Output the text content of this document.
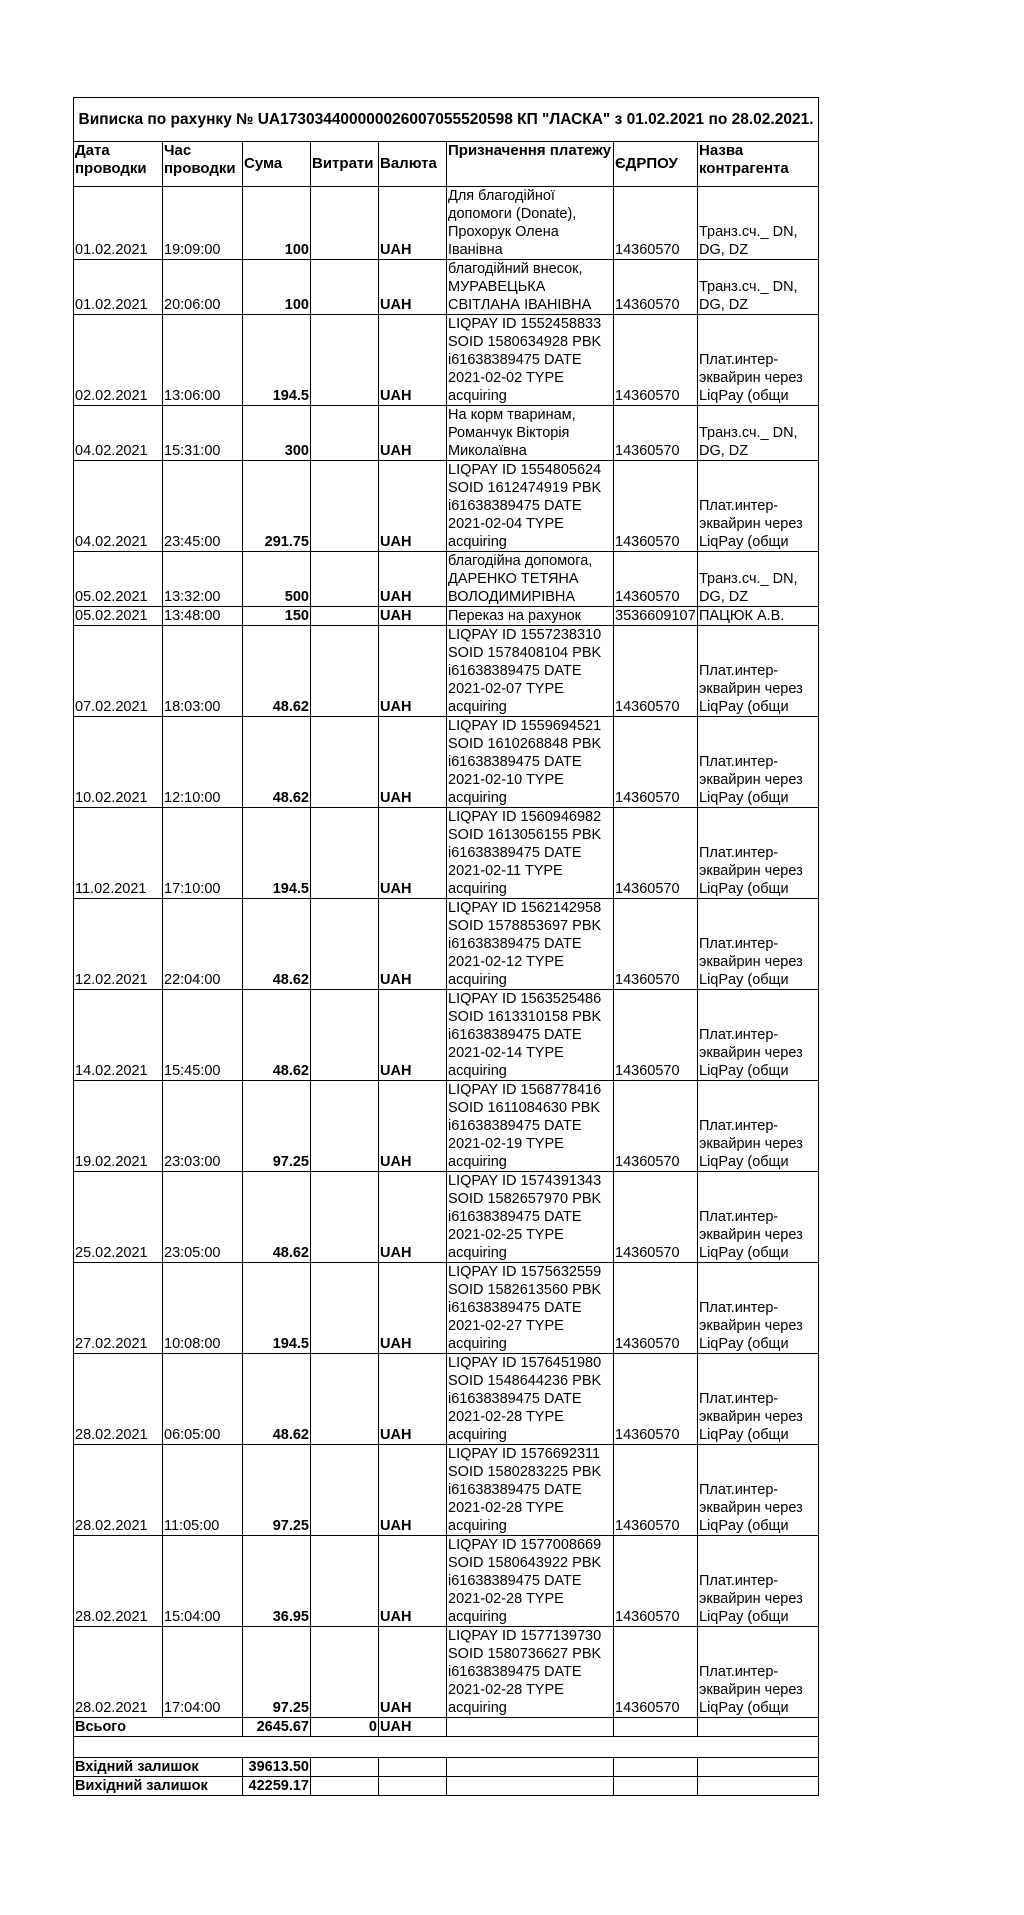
Виписка по рахунку № UA173034400000026007055520598 КП "ЛАСКА" з 01.02.2021 по 28.02.2021.							
Дата проводки	Час проводки	Сума	Витрати	Валюта	Призначення платежу	ЄДРПОУ	Назва контрагента
01.02.2021	19:09:00	100		UAH	Для благодійної
допомоги (Donate),
Прохорук Олена
Іванівна	14360570	Транз.сч._ DN,
DG, DZ
01.02.2021	20:06:00	100		UAH	благодійний внесок,
МУРАВЕЦЬКА
СВІТЛАНА ІВАНІВНА	14360570	Транз.сч._ DN,
DG, DZ
02.02.2021	13:06:00	194.5		UAH	LIQPAY ID 1552458833
SOID 1580634928 PBK
i61638389475 DATE
2021-02-02 TYPE
acquiring	14360570	Плат.интер-
эквайрин через
LiqPay (общи
04.02.2021	15:31:00	300		UAH	На корм тваринам,
Романчук Вікторія
Миколаївна	14360570	Транз.сч._ DN,
DG, DZ
04.02.2021	23:45:00	291.75		UAH	LIQPAY ID 1554805624
SOID 1612474919 PBK
i61638389475 DATE
2021-02-04 TYPE
acquiring	14360570	Плат.интер-
эквайрин через
LiqPay (общи
05.02.2021	13:32:00	500		UAH	благодійна допомога,
ДАРЕНКО ТЕТЯНА
ВОЛОДИМИРІВНА	14360570	Транз.сч._ DN,
DG, DZ
05.02.2021	13:48:00	150		UAH	Переказ на рахунок	3536609107	ПАЦЮК А.В.
07.02.2021	18:03:00	48.62		UAH	LIQPAY ID 1557238310
SOID 1578408104 PBK
i61638389475 DATE
2021-02-07 TYPE
acquiring	14360570	Плат.интер-
эквайрин через
LiqPay (общи
10.02.2021	12:10:00	48.62		UAH	LIQPAY ID 1559694521
SOID 1610268848 PBK
i61638389475 DATE
2021-02-10 TYPE
acquiring	14360570	Плат.интер-
эквайрин через
LiqPay (общи
11.02.2021	17:10:00	194.5		UAH	LIQPAY ID 1560946982
SOID 1613056155 PBK
i61638389475 DATE
2021-02-11 TYPE
acquiring	14360570	Плат.интер-
эквайрин через
LiqPay (общи
12.02.2021	22:04:00	48.62		UAH	LIQPAY ID 1562142958
SOID 1578853697 PBK
i61638389475 DATE
2021-02-12 TYPE
acquiring	14360570	Плат.интер-
эквайрин через
LiqPay (общи
14.02.2021	15:45:00	48.62		UAH	LIQPAY ID 1563525486
SOID 1613310158 PBK
i61638389475 DATE
2021-02-14 TYPE
acquiring	14360570	Плат.интер-
эквайрин через
LiqPay (общи
19.02.2021	23:03:00	97.25		UAH	LIQPAY ID 1568778416
SOID 1611084630 PBK
i61638389475 DATE
2021-02-19 TYPE
acquiring	14360570	Плат.интер-
эквайрин через
LiqPay (общи
25.02.2021	23:05:00	48.62		UAH	LIQPAY ID 1574391343
SOID 1582657970 PBK
i61638389475 DATE
2021-02-25 TYPE
acquiring	14360570	Плат.интер-
эквайрин через
LiqPay (общи
27.02.2021	10:08:00	194.5		UAH	LIQPAY ID 1575632559
SOID 1582613560 PBK
i61638389475 DATE
2021-02-27 TYPE
acquiring	14360570	Плат.интер-
эквайрин через
LiqPay (общи
28.02.2021	06:05:00	48.62		UAH	LIQPAY ID 1576451980
SOID 1548644236 PBK
i61638389475 DATE
2021-02-28 TYPE
acquiring	14360570	Плат.интер-
эквайрин через
LiqPay (общи
28.02.2021	11:05:00	97.25		UAH	LIQPAY ID 1576692311
SOID 1580283225 PBK
i61638389475 DATE
2021-02-28 TYPE
acquiring	14360570	Плат.интер-
эквайрин через
LiqPay (общи
28.02.2021	15:04:00	36.95		UAH	LIQPAY ID 1577008669
SOID 1580643922 PBK
i61638389475 DATE
2021-02-28 TYPE
acquiring	14360570	Плат.интер-
эквайрин через
LiqPay (общи
28.02.2021	17:04:00	97.25		UAH	LIQPAY ID 1577139730
SOID 1580736627 PBK
i61638389475 DATE
2021-02-28 TYPE
acquiring	14360570	Плат.интер-
эквайрин через
LiqPay (общи
Всього		2645.67	0	UAH			

Вхідний залишок		39613.50					
Вихідний залишок		42259.17					
